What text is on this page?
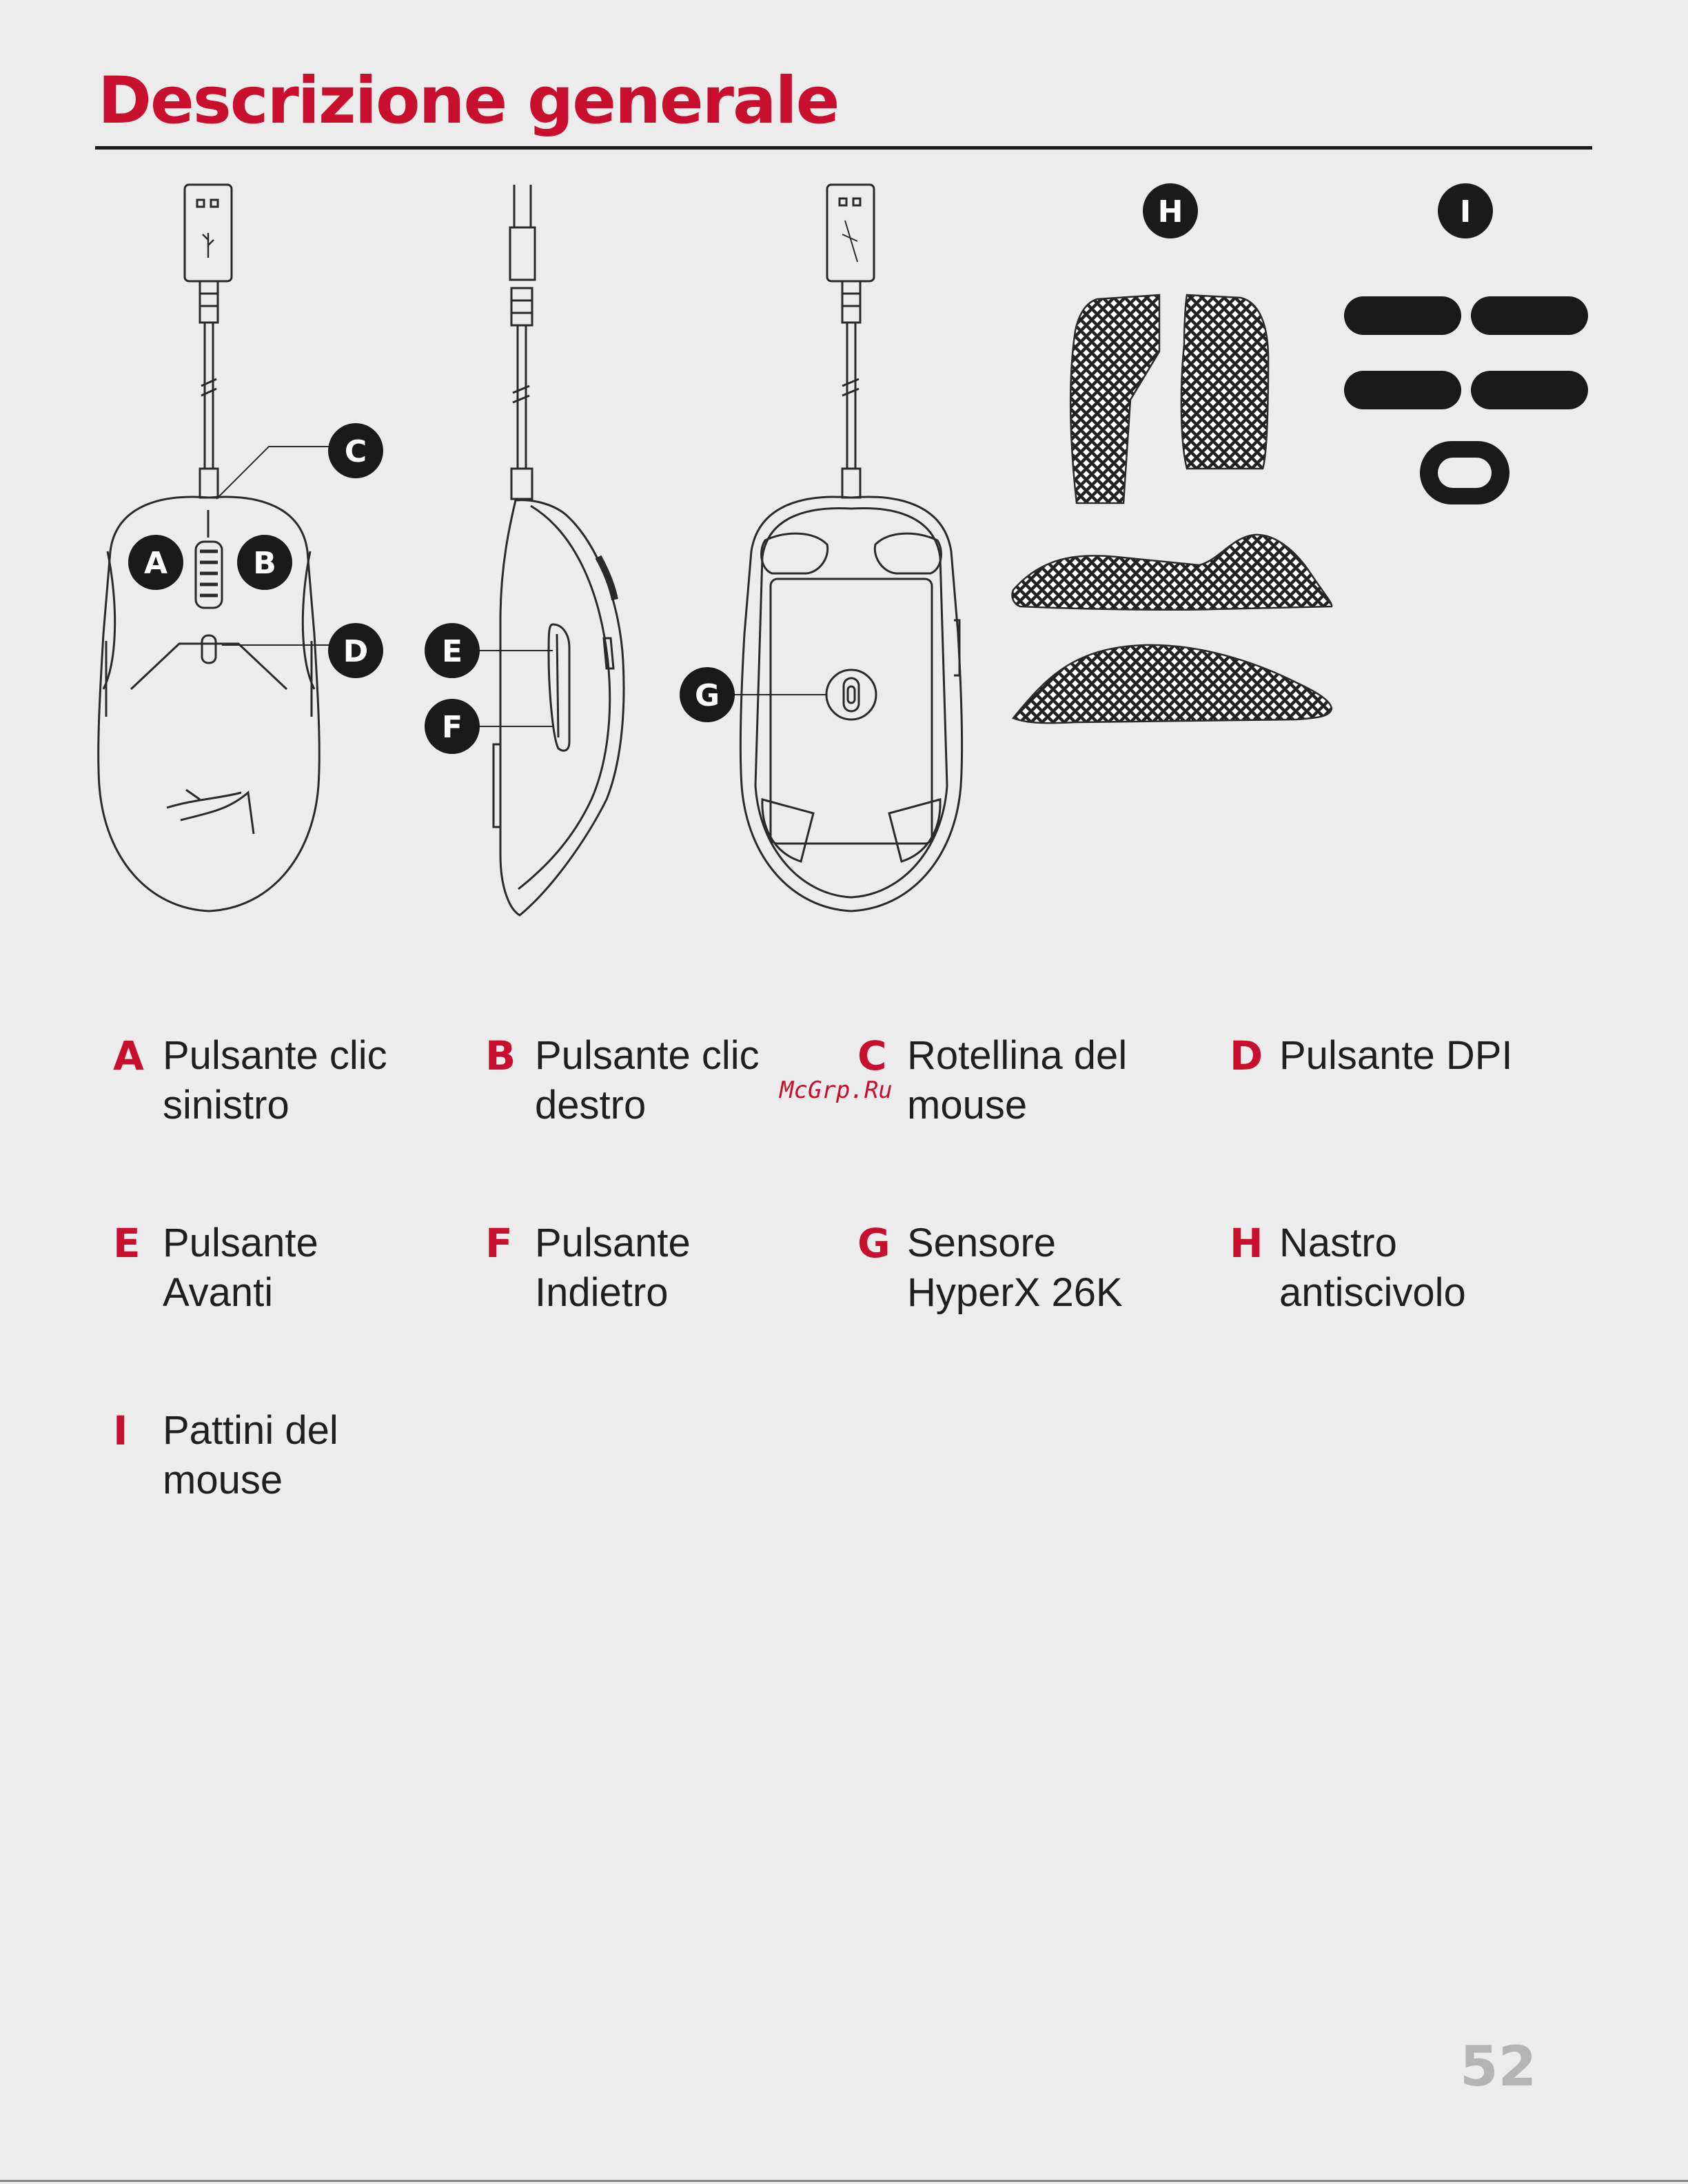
Descrizione generale
A	B
C
D E
F
G
H	I
A Pulsante clic
sinistro
B Pulsante clic
destro
C Rotellina del
mouse
D Pulsante DPI
E Pulsante
Avanti
F Pulsante
Indietro
G Sensore
HyperX 26K
H Nastro
antiscivolo
I Pattini del
mouse
McGrp.Ru
52
